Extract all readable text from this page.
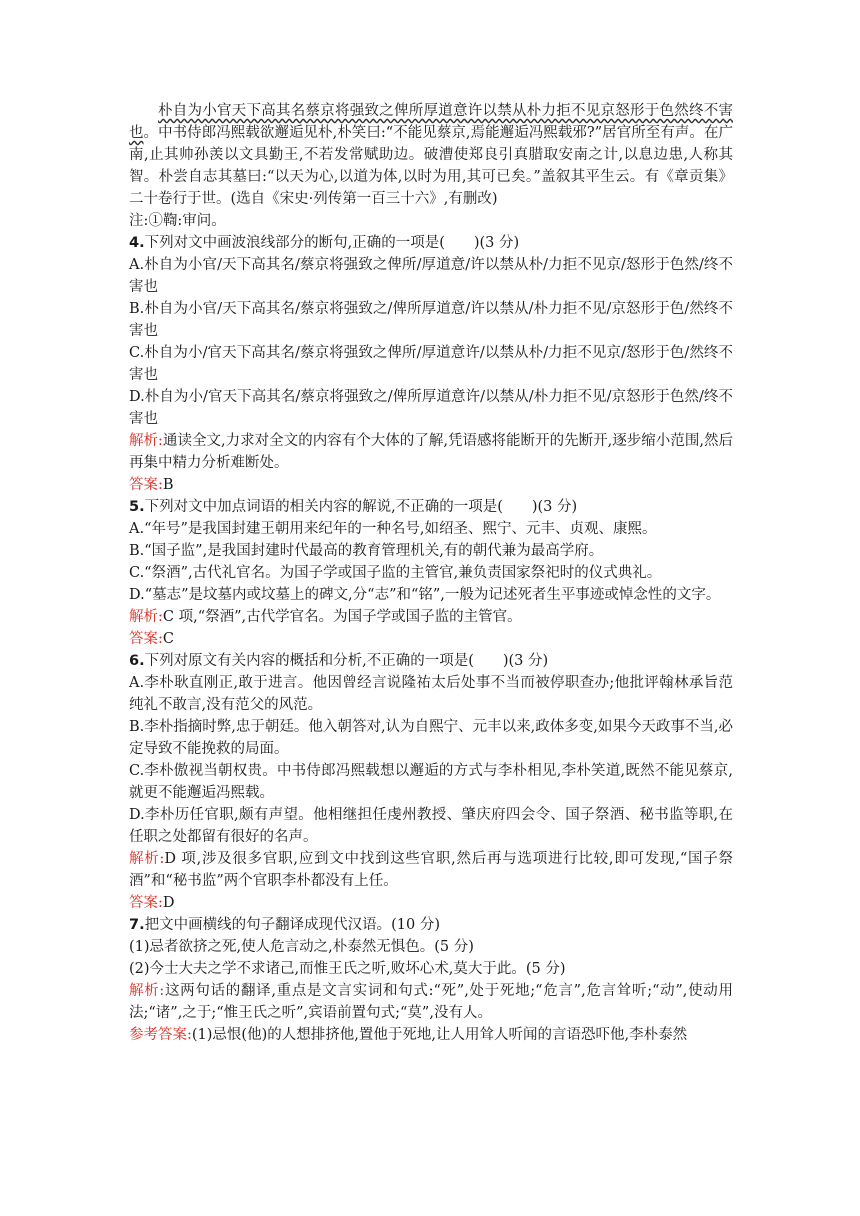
朴自为小官天下高其名蔡京将强致之俾所厚道意许以禁从朴力拒不见京怒形于色然终不害也。中书侍郎冯熙载欲邂逅见朴,朴笑曰:“不能见蔡京,焉能邂逅冯熙载邪?”居官所至有声。在广南,止其帅孙羡以文具勤王,不若发常赋助边。破漕使郑良引真腊取安南之计,以息边患,人称其智。朴尝自志其墓曰:“以天为心,以道为体,以时为用,其可已矣。”盖叙其平生云。有《章贡集》二十卷行于世。(选自《宋史·列传第一百三十六》,有删改)

注:①鞫:审问。

4.下列对文中画波浪线部分的断句,正确的一项是(　　)(3 分)

A.朴自为小官/天下高其名/蔡京将强致之俾所/厚道意/许以禁从朴/力拒不见京/怒形于色然/终不害也

B.朴自为小官/天下高其名/蔡京将强致之/俾所厚道意/许以禁从/朴力拒不见/京怒形于色/然终不害也

C.朴自为小/官天下高其名/蔡京将强致之俾所/厚道意许/以禁从朴/力拒不见京/怒形于色/然终不害也

D.朴自为小/官天下高其名/蔡京将强致之/俾所厚道意许/以禁从/朴力拒不见/京怒形于色然/终不害也

解析:通读全文,力求对全文的内容有个大体的了解,凭语感将能断开的先断开,逐步缩小范围,然后再集中精力分析难断处。

答案:B

5.下列对文中加点词语的相关内容的解说,不正确的一项是(　　)(3 分)

A.“年号”是我国封建王朝用来纪年的一种名号,如绍圣、熙宁、元丰、贞观、康熙。

B.“国子监”,是我国封建时代最高的教育管理机关,有的朝代兼为最高学府。

C.“祭酒”,古代礼官名。为国子学或国子监的主管官,兼负责国家祭祀时的仪式典礼。

D.“墓志”是坟墓内或坟墓上的碑文,分“志”和“铭”,一般为记述死者生平事迹或悼念性的文字。

解析:C 项,“祭酒”,古代学官名。为国子学或国子监的主管官。

答案:C

6.下列对原文有关内容的概括和分析,不正确的一项是(　　)(3 分)

A.李朴耿直刚正,敢于进言。他因曾经言说隆祐太后处事不当而被停职查办;他批评翰林承旨范纯礼不敢言,没有范父的风范。

B.李朴指摘时弊,忠于朝廷。他入朝答对,认为自熙宁、元丰以来,政体多变,如果今天政事不当,必定导致不能挽救的局面。

C.李朴傲视当朝权贵。中书侍郎冯熙载想以邂逅的方式与李朴相见,李朴笑道,既然不能见蔡京,就更不能邂逅冯熙载。

D.李朴历任官职,颇有声望。他相继担任虔州教授、肇庆府四会令、国子祭酒、秘书监等职,在任职之处都留有很好的名声。

解析:D 项,涉及很多官职,应到文中找到这些官职,然后再与选项进行比较,即可发现,“国子祭酒”和“秘书监”两个官职李朴都没有上任。

答案:D

7.把文中画横线的句子翻译成现代汉语。(10 分)

(1)忌者欲挤之死,使人危言动之,朴泰然无惧色。(5 分)

(2)今士大夫之学不求诸己,而惟王氏之听,败坏心术,莫大于此。(5 分)

解析:这两句话的翻译,重点是文言实词和句式:“死”,处于死地;“危言”,危言耸听;“动”,使动用法;“诸”,之于;“惟王氏之听”,宾语前置句式;“莫”,没有人。

参考答案:(1)忌恨(他)的人想排挤他,置他于死地,让人用耸人听闻的言语恐吓他,李朴泰然
